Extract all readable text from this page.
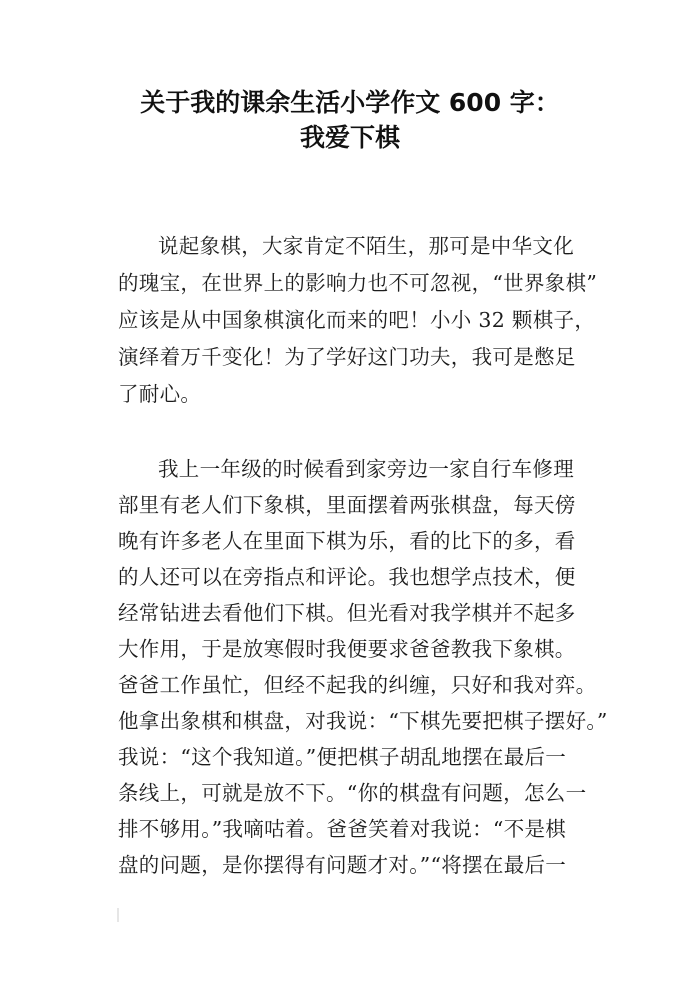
关于我的课余生活小学作文 600 字：
我爱下棋
说起象棋，大家肯定不陌生，那可是中华文化
的瑰宝，在世界上的影响力也不可忽视，“世界象棋”
应该是从中国象棋演化而来的吧！小小 32 颗棋子，
演绎着万千变化！为了学好这门功夫，我可是憋足
了耐心。
我上一年级的时候看到家旁边一家自行车修理
部里有老人们下象棋，里面摆着两张棋盘，每天傍
晚有许多老人在里面下棋为乐，看的比下的多，看
的人还可以在旁指点和评论。我也想学点技术，便
经常钻进去看他们下棋。但光看对我学棋并不起多
大作用，于是放寒假时我便要求爸爸教我下象棋。
爸爸工作虽忙，但经不起我的纠缠，只好和我对弈。
他拿出象棋和棋盘，对我说：“下棋先要把棋子摆好。”
我说：“这个我知道。”便把棋子胡乱地摆在最后一
条线上，可就是放不下。“你的棋盘有问题，怎么一
排不够用。”我嘀咕着。爸爸笑着对我说：“不是棋
盘的问题，是你摆得有问题才对。”“将摆在最后一
